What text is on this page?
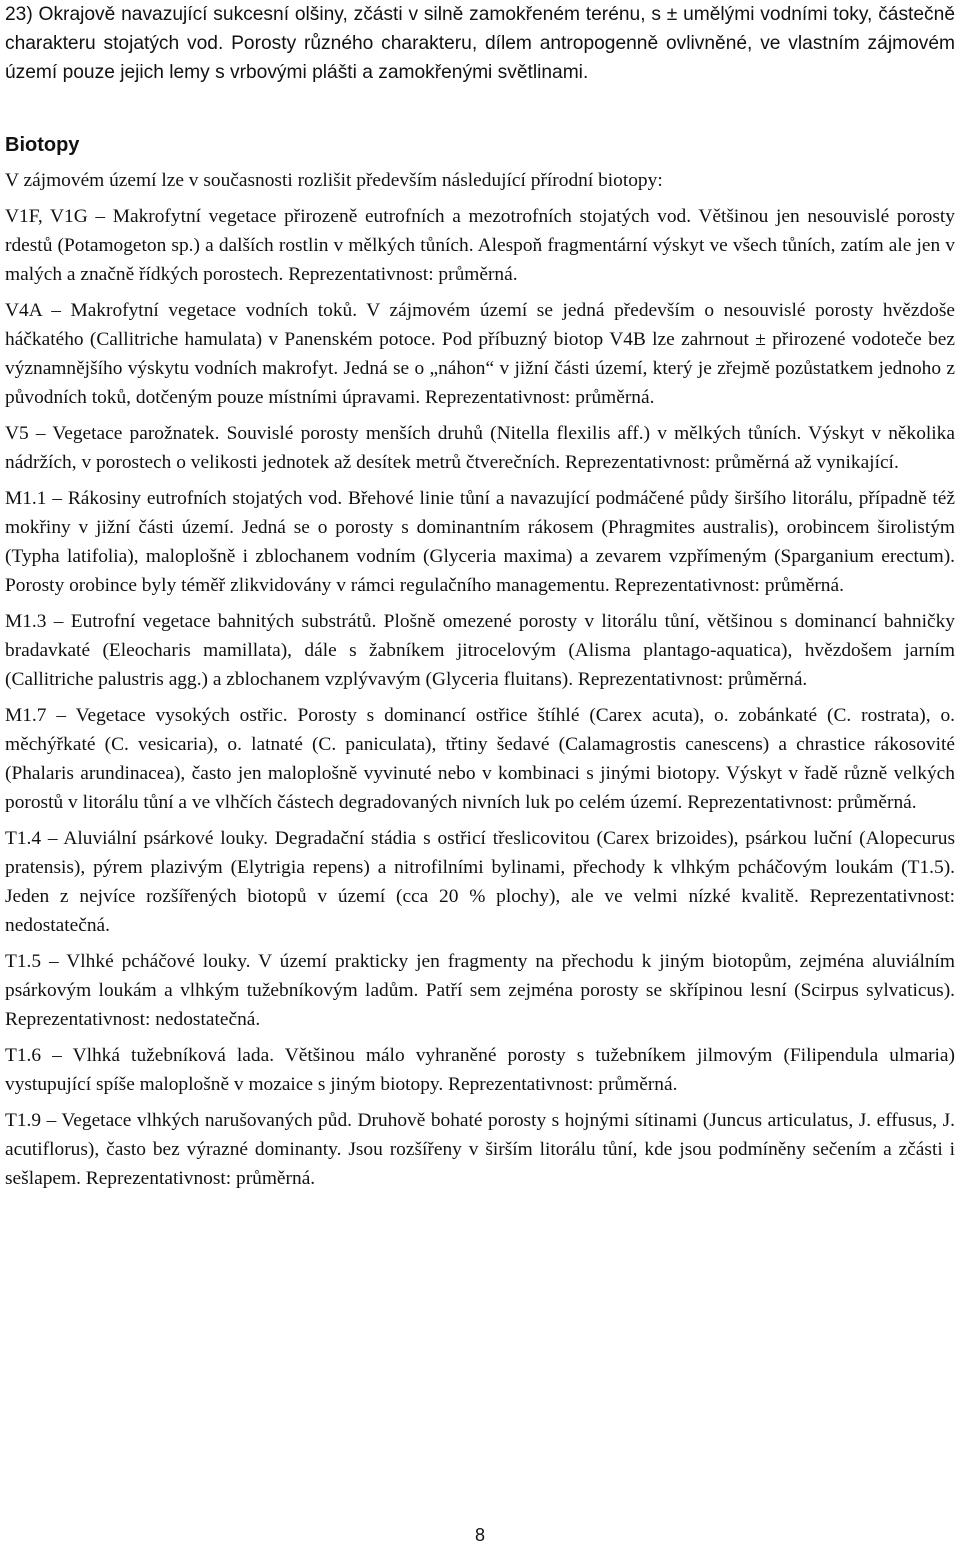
23) Okrajově navazující sukcesní olšiny, zčásti v silně zamokřeném terénu, s ± umělými vodními toky, částečně charakteru stojatých vod. Porosty různého charakteru, dílem antropogenně ovlivněné, ve vlastním zájmovém území pouze jejich lemy s vrbovými plášti a zamokřenými světlinami.

Biotopy

V zájmovém území lze v současnosti rozlišit především následující přírodní biotopy:

V1F, V1G – Makrofytní vegetace přirozeně eutrofních a mezotrofních stojatých vod. Většinou jen nesouvislé porosty rdestů (Potamogeton sp.) a dalších rostlin v mělkých tůních. Alespoň fragmentární výskyt ve všech tůních, zatím ale jen v malých a značně řídkých porostech. Reprezentativnost: průměrná.

V4A – Makrofytní vegetace vodních toků. V zájmovém území se jedná především o nesouvislé porosty hvězdoše háčkatého (Callitriche hamulata) v Panenském potoce. Pod příbuzný biotop V4B lze zahrnout ± přirozené vodoteče bez významnějšího výskytu vodních makrofyt. Jedná se o „náhon“ v jižní části území, který je zřejmě pozůstatkem jednoho z původních toků, dotčeným pouze místními úpravami. Reprezentativnost: průměrná.

V5 – Vegetace parožnatek. Souvislé porosty menších druhů (Nitella flexilis aff.) v mělkých tůních. Výskyt v několika nádržích, v porostech o velikosti jednotek až desítek metrů čtverečních. Reprezentativnost: průměrná až vynikající.

M1.1 – Rákosiny eutrofních stojatých vod. Břehové linie tůní a navazující podmáčené půdy širšího litorálu, případně též mokřiny v jižní části území. Jedná se o porosty s dominantním rákosem (Phragmites australis), orobincem širolistým (Typha latifolia), maloplošně i zblochanem vodním (Glyceria maxima) a zevarem vzpřímeným (Sparganium erectum). Porosty orobince byly téměř zlikvidovány v rámci regulačního managementu. Reprezentativnost: průměrná.

M1.3 – Eutrofní vegetace bahnitých substrátů. Plošně omezené porosty v litorálu tůní, většinou s dominancí bahničky bradavkaté (Eleocharis mamillata), dále s žabníkem jitrocelovým (Alisma plantago-aquatica), hvězdošem jarním (Callitriche palustris agg.) a zblochanem vzplývavým (Glyceria fluitans). Reprezentativnost: průměrná.

M1.7 – Vegetace vysokých ostřic. Porosty s dominancí ostřice štíhlé (Carex acuta), o. zobánkaté (C. rostrata), o. měchýřkaté (C. vesicaria), o. latnaté (C. paniculata), třtiny šedavé (Calamagrostis canescens) a chrastice rákosovité (Phalaris arundinacea), často jen maloplošně vyvinuté nebo v kombinaci s jinými biotopy. Výskyt v řadě různě velkých porostů v litorálu tůní a ve vlhčích částech degradovaných nivních luk po celém území. Reprezentativnost: průměrná.

T1.4 – Aluviální psárkové louky. Degradační stádia s ostřicí třeslicovitou (Carex brizoides), psárkou luční (Alopecurus pratensis), pýrem plazivým (Elytrigia repens) a nitrofilními bylinami, přechody k vlhkým pcháčovým loukám (T1.5). Jeden z nejvíce rozšířených biotopů v území (cca 20 % plochy), ale ve velmi nízké kvalitě. Reprezentativnost: nedostatečná.

T1.5 – Vlhké pcháčové louky. V území prakticky jen fragmenty na přechodu k jiným biotopům, zejména aluviálním psárkovým loukám a vlhkým tužebníkovým ladům. Patří sem zejména porosty se skřípinou lesní (Scirpus sylvaticus). Reprezentativnost: nedostatečná.

T1.6 – Vlhká tužebníková lada. Většinou málo vyhraněné porosty s tužebníkem jilmovým (Filipendula ulmaria) vystupující spíše maloplošně v mozaice s jiným biotopy. Reprezentativnost: průměrná.

T1.9 – Vegetace vlhkých narušovaných půd. Druhově bohaté porosty s hojnými sítinami (Juncus articulatus, J. effusus, J. acutiflorus), často bez výrazné dominanty. Jsou rozšířeny v širším litorálu tůní, kde jsou podmíněny sečením a zčásti i sešlapem. Reprezentativnost: průměrná.

8
